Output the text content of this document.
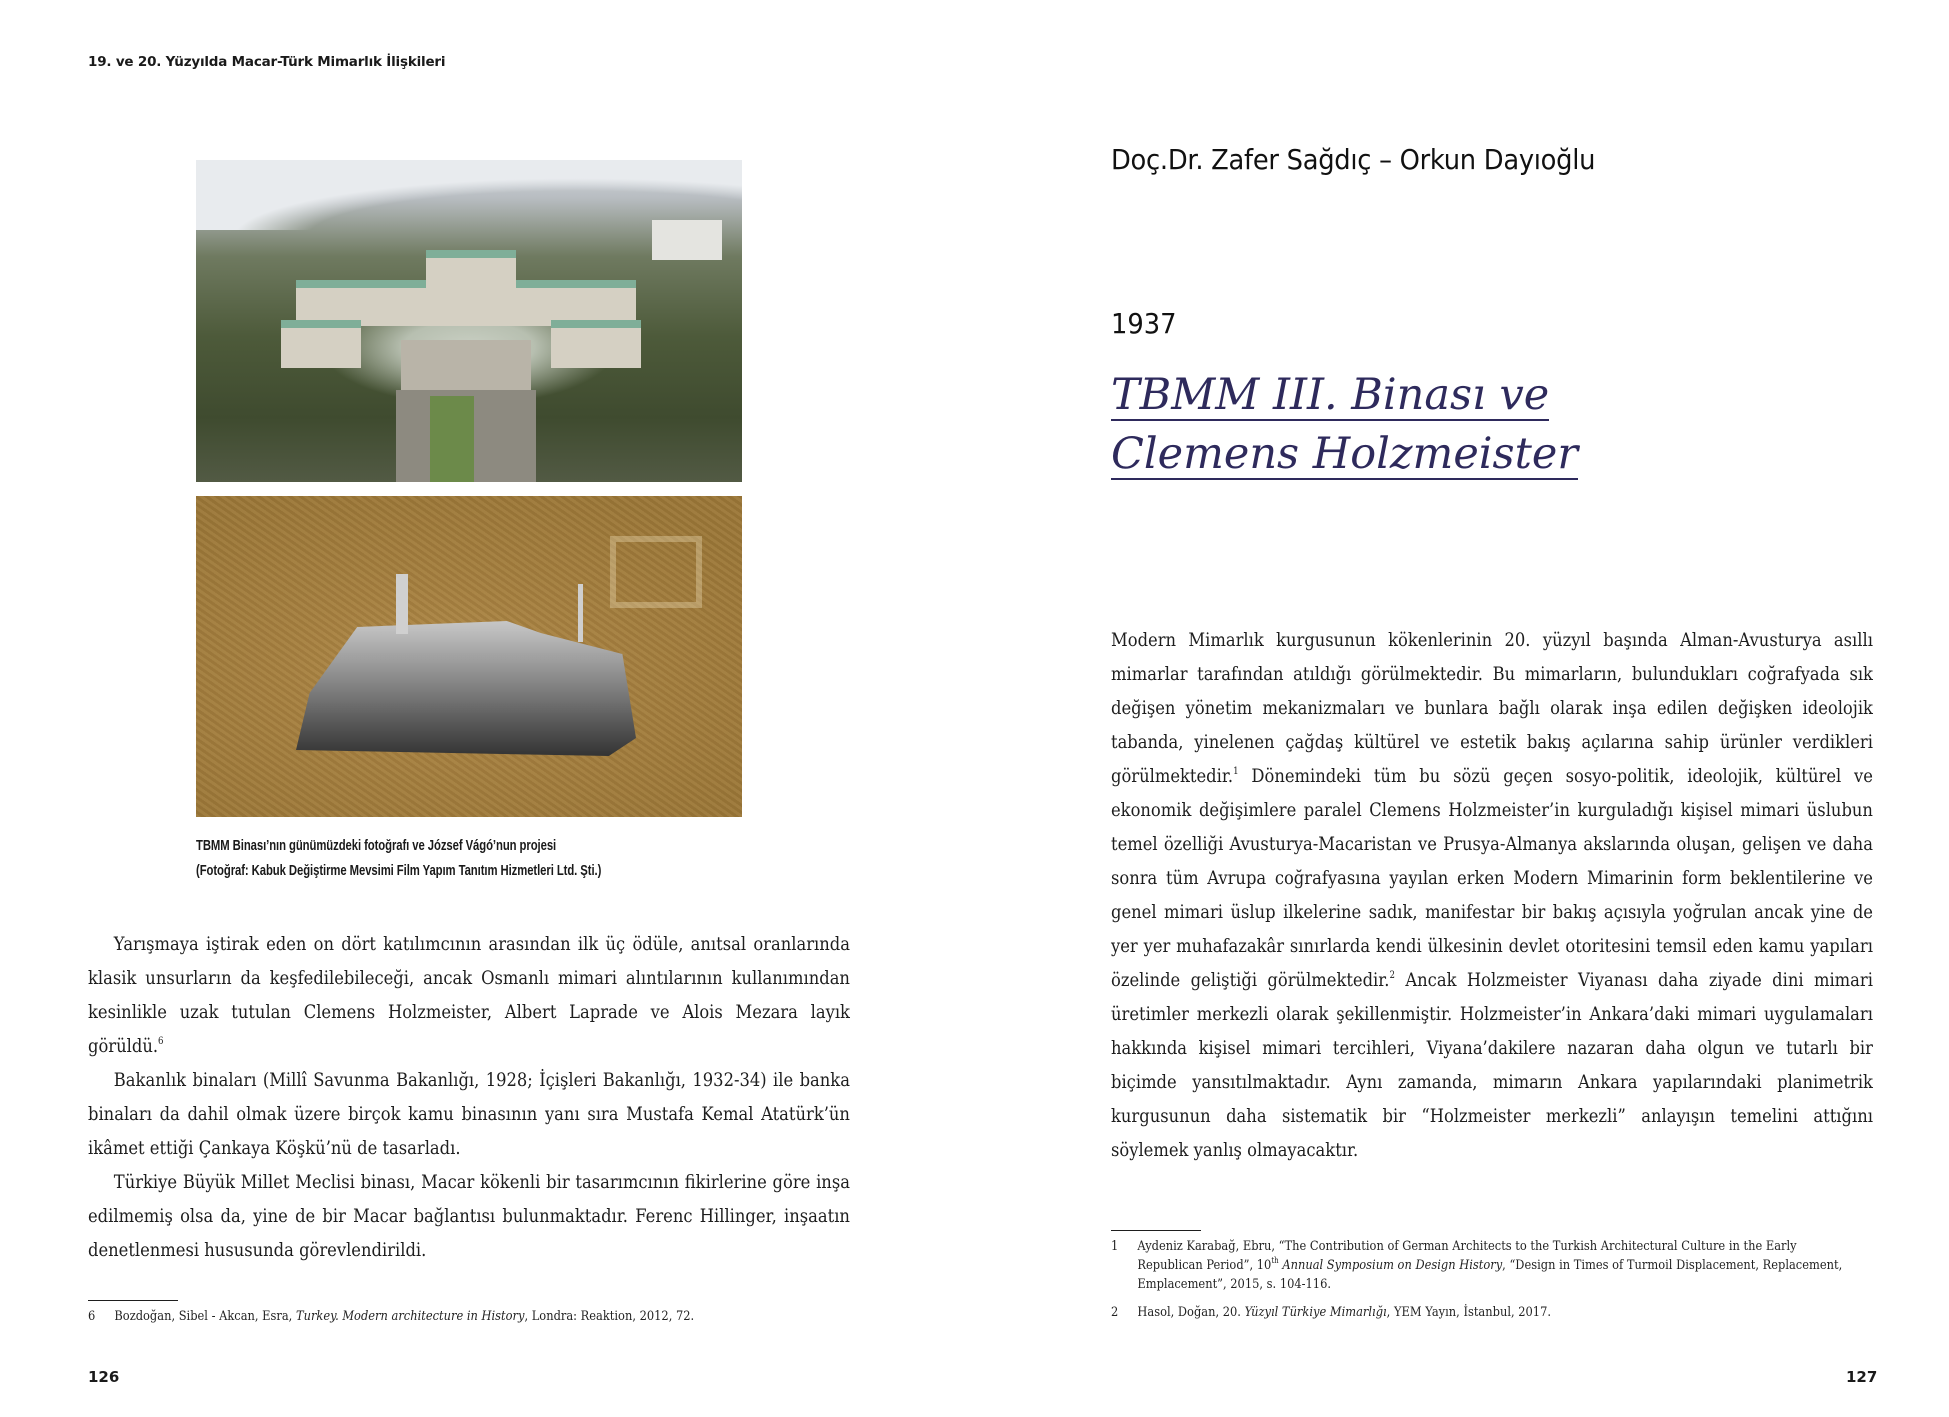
19. ve 20. Yüzyılda Macar-Türk Mimarlık İlişkileri
TBMM Binası’nın günümüzdeki fotoğrafı ve József Vágó’nun projesi
(Fotoğraf: Kabuk Değiştirme Mevsimi Film Yapım Tanıtım Hizmetleri Ltd. Şti.)

Yarışmaya iştirak eden on dört katılımcının arasından ilk üç ödüle, anıtsal oranlarında klasik unsurların da keşfedilebileceği, ancak Osmanlı mimari alıntılarının kullanımından kesinlikle uzak tutulan Clemens Holzmeister, Albert Laprade ve Alois Mezara layık görüldü.$^6$

Bakanlık binaları (Millî Savunma Bakanlığı, 1928; İçişleri Bakanlığı, 1932-34) ile banka binaları da dahil olmak üzere birçok kamu binasının yanı sıra Mustafa Kemal Atatürk’ün ikâmet ettiği Çankaya Köşkü’nü de tasarladı.

Türkiye Büyük Millet Meclisi binası, Macar kökenli bir tasarımcının fikirlerine göre inşa edilmemiş olsa da, yine de bir Macar bağlantısı bulunmaktadır. Ferenc Hillinger, inşaatın denetlenmesi hususunda görevlendirildi.

6 Bozdoğan, Sibel - Akcan, Esra, Turkey. Modern architecture in History, Londra: Reaktion, 2012, 72.
126
Doç.Dr. Zafer Sağdıç – Orkun Dayıoğlu
1937
TBMM III. Binası ve
Clemens Holzmeister

Modern Mimarlık kurgusunun kökenlerinin 20. yüzyıl başında Alman-Avusturya asıllı mimarlar tarafından atıldığı görülmektedir. Bu mimarların, bulundukları coğrafyada sık değişen yönetim mekanizmaları ve bunlara bağlı olarak inşa edilen değişken ideolojik tabanda, yinelenen çağdaş kültürel ve estetik bakış açılarına sahip ürünler verdikleri görülmektedir.$^1$ Dönemindeki tüm bu sözü geçen sosyo-politik, ideolojik, kültürel ve ekonomik değişimlere paralel Clemens Holzmeister’in kurguladığı kişisel mimari üslubun temel özelliği Avusturya-Macaristan ve Prusya-Almanya akslarında oluşan, gelişen ve daha sonra tüm Avrupa coğrafyasına yayılan erken Modern Mimarinin form beklentilerine ve genel mimari üslup ilkelerine sadık, manifestar bir bakış açısıyla yoğrulan ancak yine de yer yer muhafazakâr sınırlarda kendi ülkesinin devlet otoritesini temsil eden kamu yapıları özelinde geliştiği görülmektedir.$^2$ Ancak Holzmeister Viyanası daha ziyade dini mimari üretimler merkezli olarak şekillenmiştir. Holzmeister’in Ankara’daki mimari uygulamaları hakkında kişisel mimari tercihleri, Viyana’dakilere nazaran daha olgun ve tutarlı bir biçimde yansıtılmaktadır. Aynı zamanda, mimarın Ankara yapılarındaki planimetrik kurgusunun daha sistematik bir “Holzmeister merkezli” anlayışın temelini attığını söylemek yanlış olmayacaktır.

1 Aydeniz Karabağ, Ebru, “The Contribution of German Architects to the Turkish Architectural Culture in the Early Republican Period”, 10th Annual Symposium on Design History, “Design in Times of Turmoil Displacement, Replacement, Emplacement”, 2015, s. 104-116.
2 Hasol, Doğan, 20. Yüzyıl Türkiye Mimarlığı, YEM Yayın, İstanbul, 2017.
127
